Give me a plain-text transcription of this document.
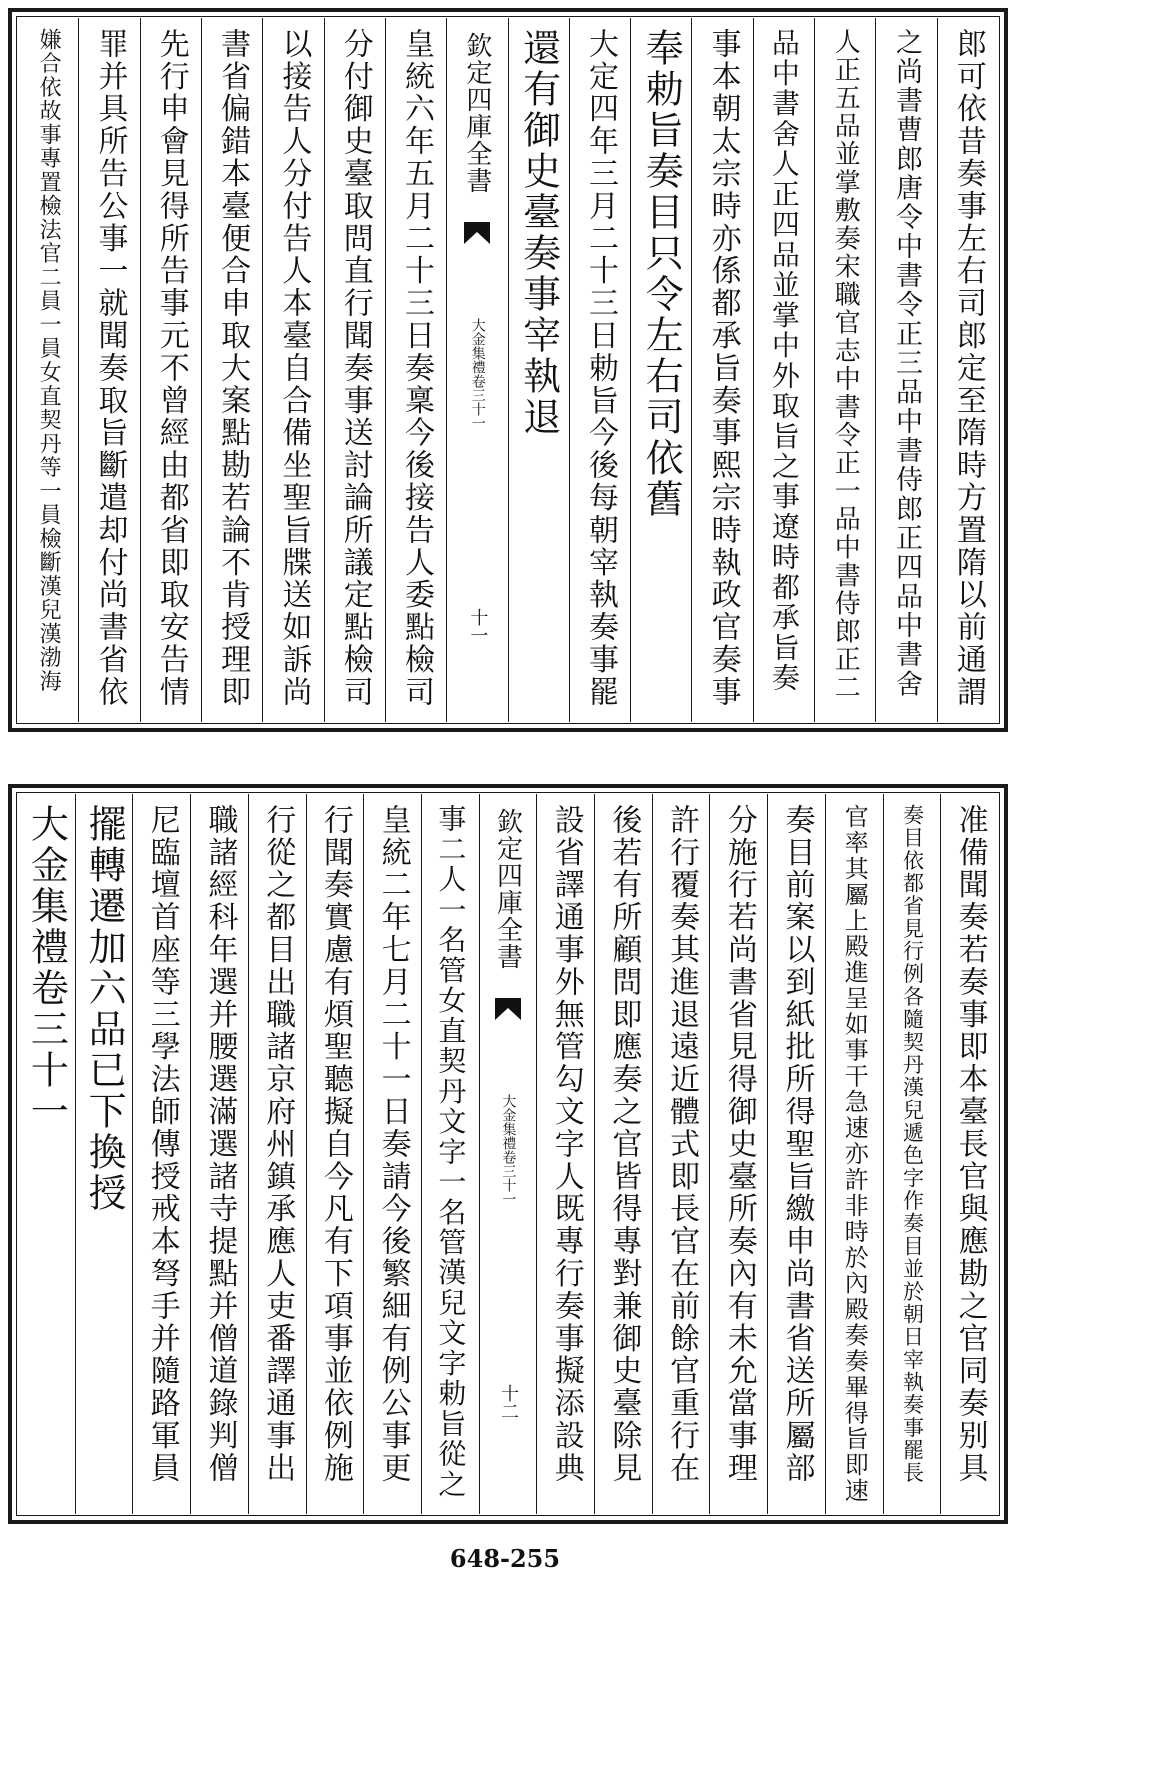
郎可依昔奏事左右司郎定至隋時方置隋以前通謂
之尚書曹郎唐令中書令正三品中書侍郎正四品中書舍
人正五品並掌敷奏宋職官志中書令正一品中書侍郎正二
品中書舍人正四品並掌中外取旨之事遼時都承旨奏
事本朝太宗時亦係都承旨奏事熙宗時執政官奏事
奉勅旨奏目只令左右司依舊
大定四年三月二十三日勅旨今後每朝宰執奏事罷
還有御史臺奏事宰執退
欽定四庫全書
大金集禮卷三十一
十一
皇統六年五月二十三日奏稟今後接告人委點檢司
分付御史臺取問直行聞奏事送討論所議定點檢司
以接告人分付告人本臺自合備坐聖旨牒送如訴尚
書省偏錯本臺便合申取大案點勘若論不肯授理即
先行申會見得所告事元不曾經由都省即取安告情
罪并具所告公事一就聞奏取旨斷遣却付尚書省依
嫌合依故事專置檢法官二員一員女直契丹等一員檢斷漢兒漢渤海
准備聞奏若奏事即本臺長官與應勘之官同奏别具
奏目依都省見行例各隨契丹漢兒遞色字作奏目並於朝日宰執奏事罷長
官率其屬上殿進呈如事干急速亦許非時於內殿奏奏畢得旨即速
奏目前案以到紙批所得聖旨繳申尚書省送所屬部
分施行若尚書省見得御史臺所奏內有未允當事理
許行覆奏其進退遠近體式即長官在前餘官重行在
後若有所顧問即應奏之官皆得專對兼御史臺除見
設省譯通事外無管勾文字人既專行奏事擬添設典
欽定四庫全書
大金集禮卷三十一
十二
事二人一名管女直契丹文字一名管漢兒文字勅旨從之
皇統二年七月二十一日奏請今後繁細有例公事更
行聞奏實慮有煩聖聽擬自今凡有下項事並依例施
行從之都目出職諸京府州鎮承應人吏番譯通事出
職諸經科年選并腰選滿選諸寺提點并僧道錄判僧
尼臨壇首座等三學法師傳授戒本弩手并隨路軍員
擺轉遷加六品已下換授
大金集禮卷三十一
648-255
